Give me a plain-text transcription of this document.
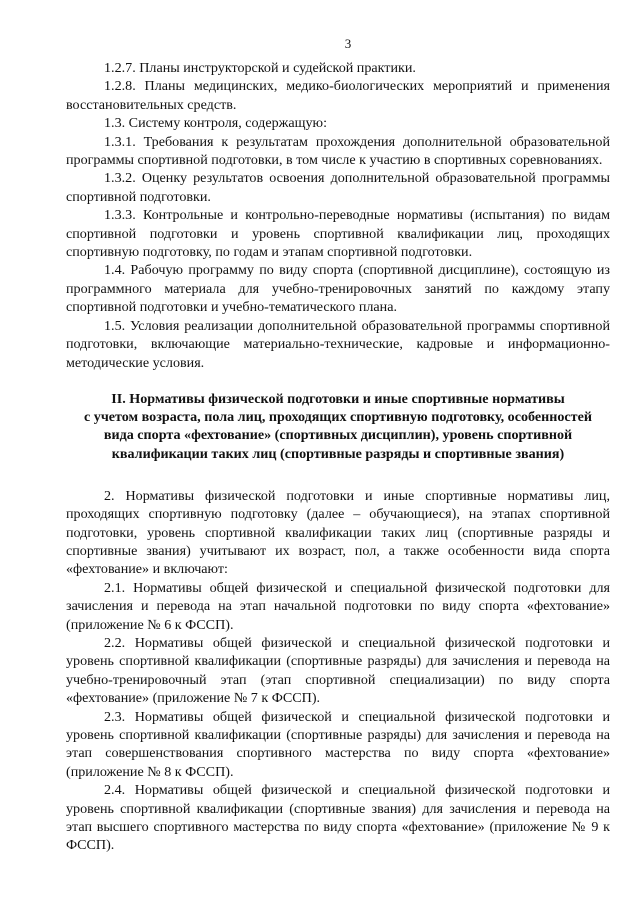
3

1.2.7. Планы инструкторской и судейской практики.

1.2.8. Планы медицинских, медико-биологических мероприятий и применения восстановительных средств.

1.3. Систему контроля, содержащую:

1.3.1. Требования к результатам прохождения дополнительной образовательной программы спортивной подготовки, в том числе к участию в спортивных соревнованиях.

1.3.2. Оценку результатов освоения дополнительной образовательной программы спортивной подготовки.

1.3.3. Контрольные и контрольно-переводные нормативы (испытания) по видам спортивной подготовки и уровень спортивной квалификации лиц, проходящих спортивную подготовку, по годам и этапам спортивной подготовки.

1.4. Рабочую программу по виду спорта (спортивной дисциплине), состоящую из программного материала для учебно-тренировочных занятий по каждому этапу спортивной подготовки и учебно-тематического плана.

1.5. Условия реализации дополнительной образовательной программы спортивной подготовки, включающие материально-технические, кадровые и информационно-методические условия.

II. Нормативы физической подготовки и иные спортивные нормативы
с учетом возраста, пола лиц, проходящих спортивную подготовку, особенностей
вида спорта «фехтование» (спортивных дисциплин), уровень спортивной
квалификации таких лиц (спортивные разряды и спортивные звания)

2. Нормативы физической подготовки и иные спортивные нормативы лиц, проходящих спортивную подготовку (далее – обучающиеся), на этапах спортивной подготовки, уровень спортивной квалификации таких лиц (спортивные разряды и спортивные звания) учитывают их возраст, пол, а также особенности вида спорта «фехтование» и включают:

2.1. Нормативы общей физической и специальной физической подготовки для зачисления и перевода на этап начальной подготовки по виду спорта «фехтование» (приложение № 6 к ФССП).

2.2. Нормативы общей физической и специальной физической подготовки и уровень спортивной квалификации (спортивные разряды) для зачисления и перевода на учебно-тренировочный этап (этап спортивной специализации) по виду спорта «фехтование» (приложение № 7 к ФССП).

2.3. Нормативы общей физической и специальной физической подготовки и уровень спортивной квалификации (спортивные разряды) для зачисления и перевода на этап совершенствования спортивного мастерства по виду спорта «фехтование» (приложение № 8 к ФССП).

2.4. Нормативы общей физической и специальной физической подготовки и уровень спортивной квалификации (спортивные звания) для зачисления и перевода на этап высшего спортивного мастерства по виду спорта «фехтование» (приложение № 9 к ФССП).
